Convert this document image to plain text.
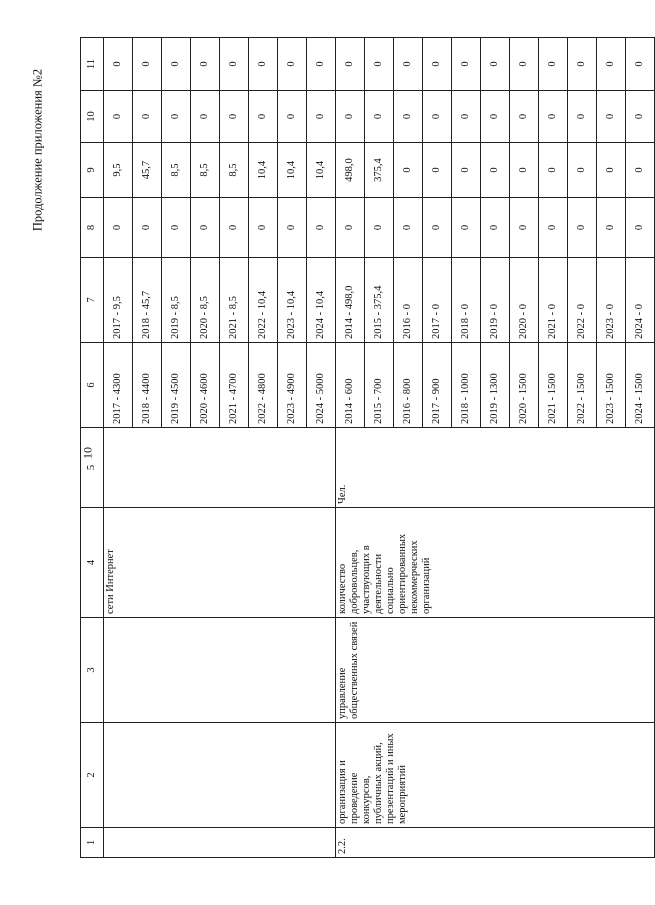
10
Продолжение приложения №2
1	2	3	4	5	6	7	8	9	10	11
			сети Интернет		2017 - 4300	2017 - 9,5	0	9,5	0	0
					2018 - 4400	2018 - 45,7	0	45,7	0	0
					2019 - 4500	2019 - 8,5	0	8,5	0	0
					2020 - 4600	2020 - 8,5	0	8,5	0	0
					2021 - 4700	2021 - 8,5	0	8,5	0	0
					2022 - 4800	2022 - 10,4	0	10,4	0	0
					2023 - 4900	2023 - 10,4	0	10,4	0	0
					2024 - 5000	2024 - 10,4	0	10,4	0	0
2.2.	организация и проведение конкурсов, публичных акций, презентаций и иных мероприятий	управление общественных связей	количество добровольцев, участвующих в деятельности социально ориентированных некоммерческих организаций	Чел.	2014 - 600	2014 - 498,0	0	498,0	0	0
					2015 - 700	2015 - 375,4	0	375,4	0	0
					2016 - 800	2016 - 0	0	0	0	0
					2017 - 900	2017 - 0	0	0	0	0
					2018 - 1000	2018 - 0	0	0	0	0
					2019 - 1300	2019 - 0	0	0	0	0
					2020 - 1500	2020 - 0	0	0	0	0
					2021 - 1500	2021 - 0	0	0	0	0
					2022 - 1500	2022 - 0	0	0	0	0
					2023 - 1500	2023 - 0	0	0	0	0
					2024 - 1500	2024 - 0	0	0	0	0
